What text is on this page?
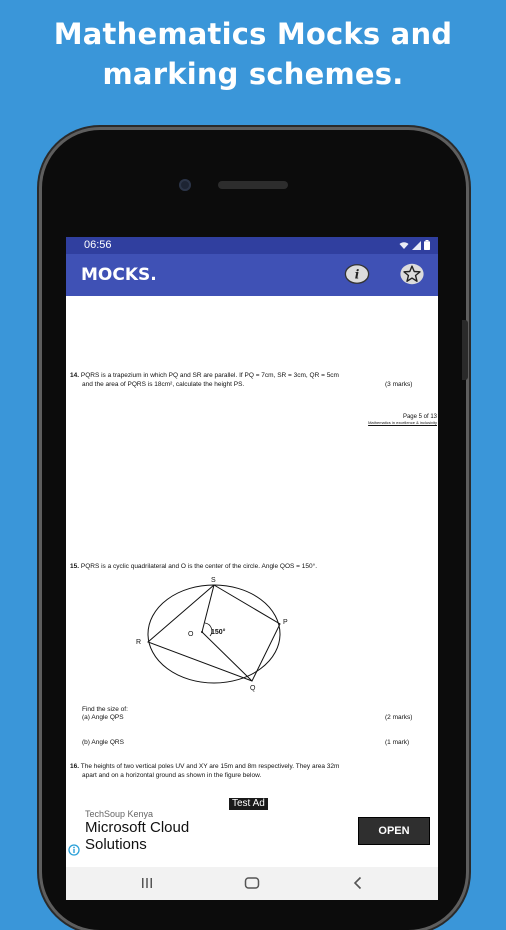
Mathematics Mocks and
marking schemes.
06:56
MOCKS.	i
14. PQRS is a trapezium in which PQ and SR are parallel. If PQ = 7cm, SR = 3cm, QR = 5cm
and the area of PQRS is 18cm², calculate the height PS.	(3 marks)
Page 5 of 13
Mathematics in excellence & inclusivity
15. PQRS is a cyclic quadrilateral and O is the center of the circle. Angle QOS = 150°.
S
P
R
Q
O	150°
Find the size of:
(a) Angle QPS	(2 marks)
(b) Angle QRS	(1 mark)
16. The heights of two vertical poles UV and XY are 15m and 8m respectively. They area 32m
apart and on a horizontal ground as shown in the figure below.
Test Ad
TechSoup Kenya
Microsoft Cloud
Solutions
OPEN
